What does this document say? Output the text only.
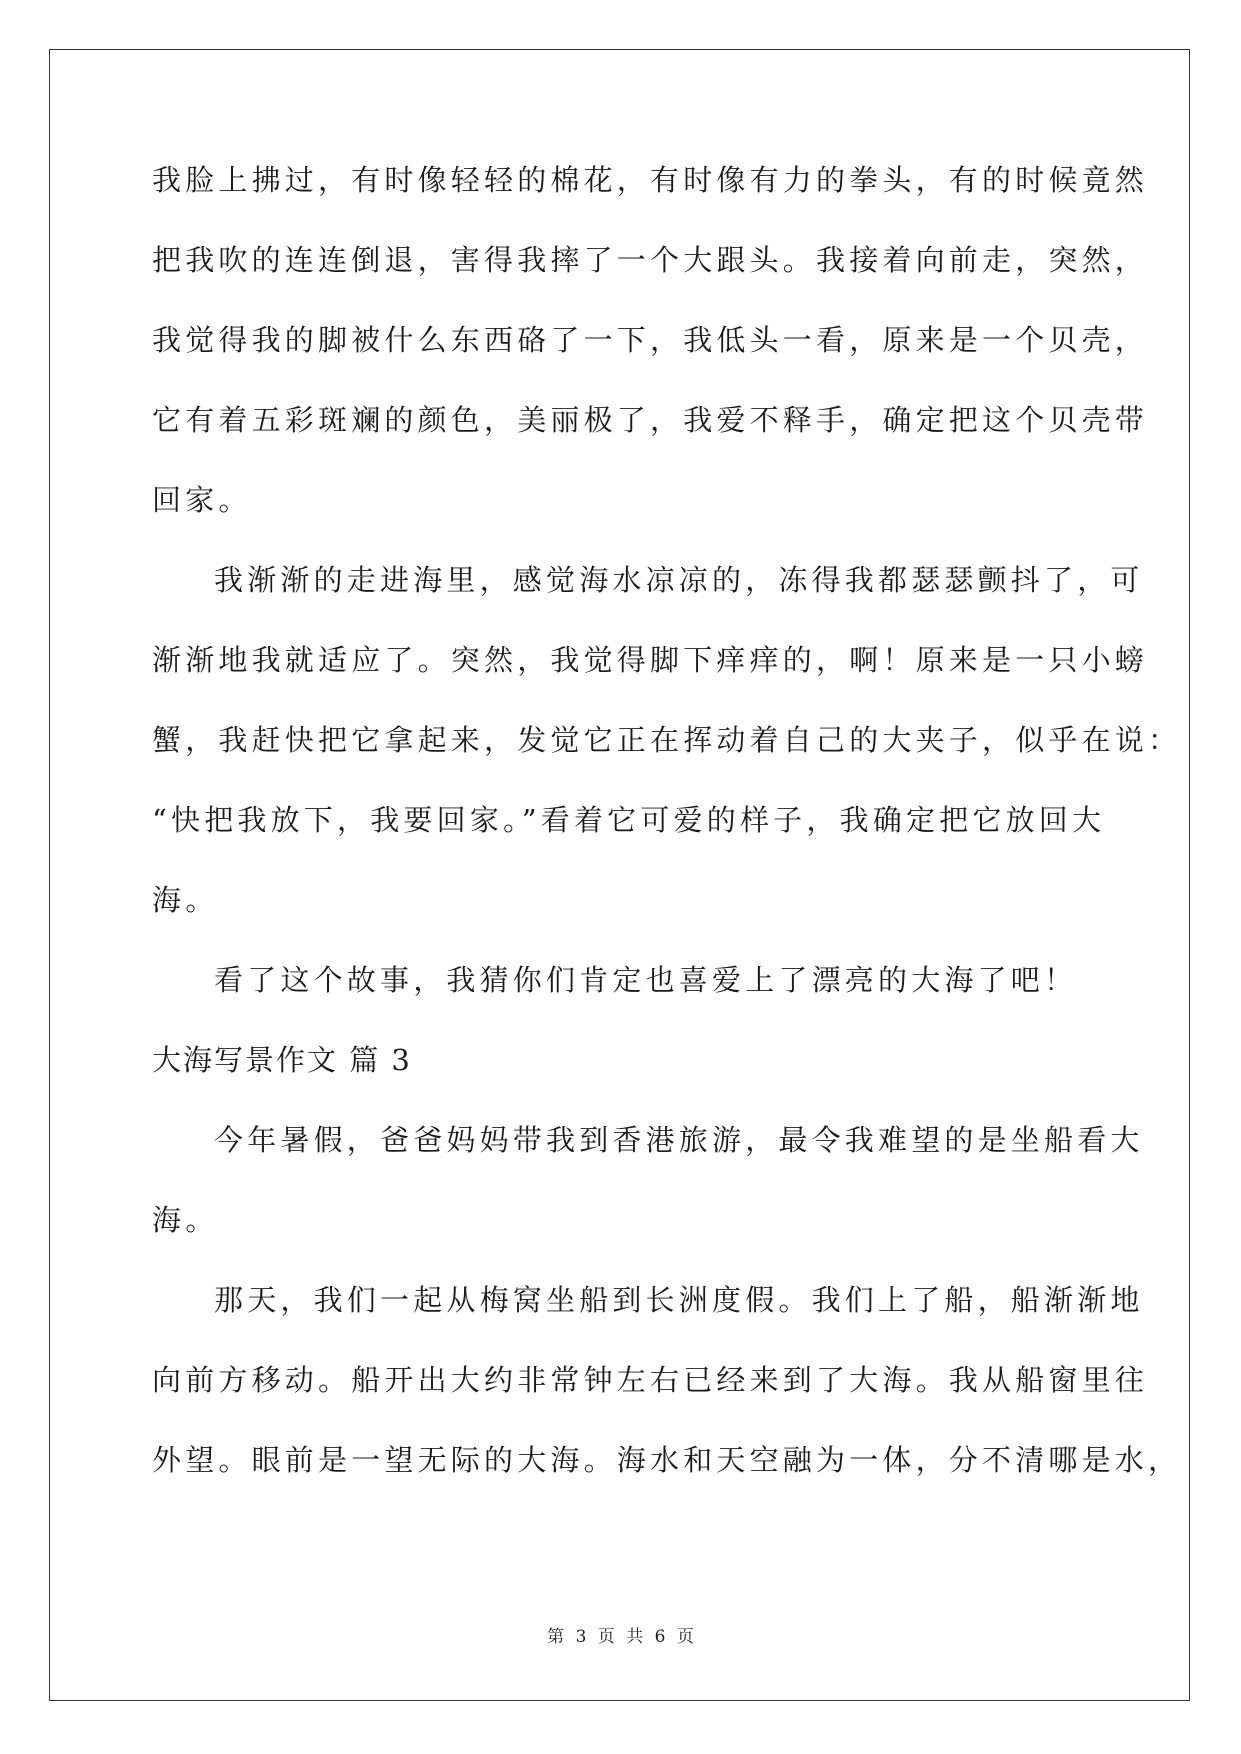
我脸上拂过，有时像轻轻的棉花，有时像有力的拳头，有的时候竟然
把我吹的连连倒退，害得我摔了一个大跟头。我接着向前走，突然，
我觉得我的脚被什么东西硌了一下，我低头一看，原来是一个贝壳，
它有着五彩斑斓的颜色，美丽极了，我爱不释手，确定把这个贝壳带
回家。
我渐渐的走进海里，感觉海水凉凉的，冻得我都瑟瑟颤抖了，可
渐渐地我就适应了。突然，我觉得脚下痒痒的，啊！原来是一只小螃
蟹，我赶快把它拿起来，发觉它正在挥动着自己的大夹子，似乎在说：
“快把我放下，我要回家。”看着它可爱的样子，我确定把它放回大
海。
看了这个故事，我猜你们肯定也喜爱上了漂亮的大海了吧！
大海写景作文 篇 3
今年暑假，爸爸妈妈带我到香港旅游，最令我难望的是坐船看大
海。
那天，我们一起从梅窝坐船到长洲度假。我们上了船，船渐渐地
向前方移动。船开出大约非常钟左右已经来到了大海。我从船窗里往
外望。眼前是一望无际的大海。海水和天空融为一体，分不清哪是水，
第 3 页 共 6 页
